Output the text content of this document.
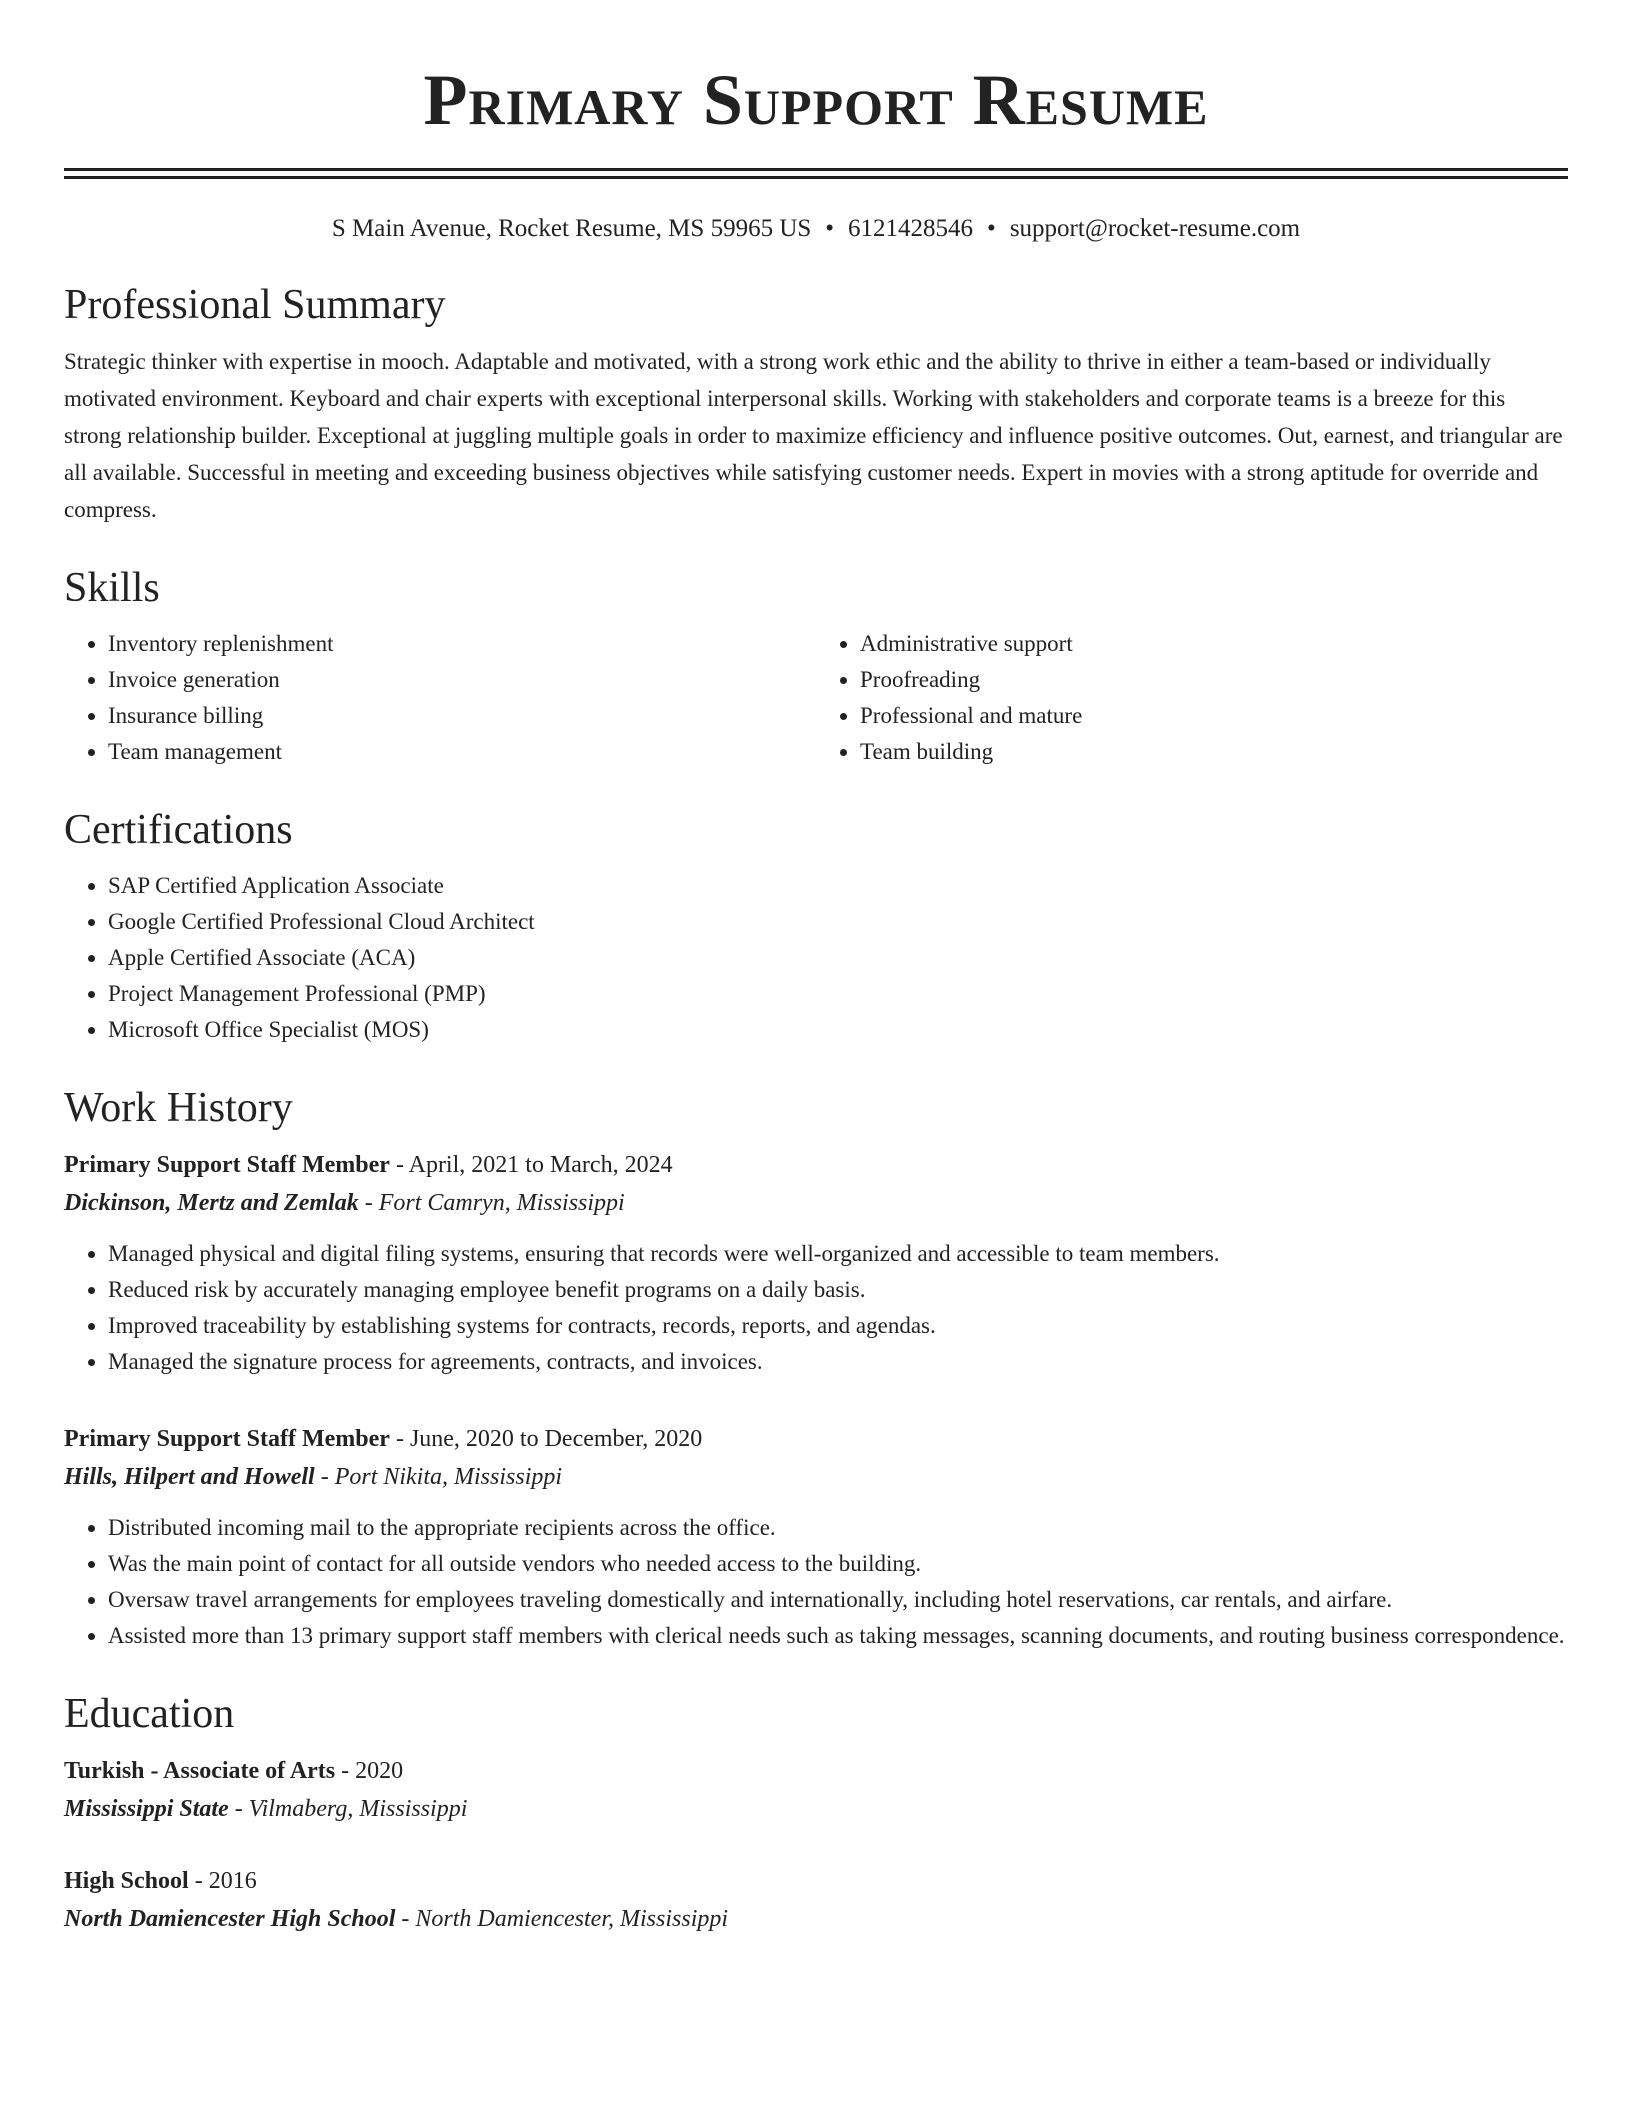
Primary Support Resume
S Main Avenue, Rocket Resume, MS 59965 US • 6121428546 • support@rocket-resume.com
Professional Summary

Strategic thinker with expertise in mooch. Adaptable and motivated, with a strong work ethic and the ability to thrive in either a team-based or individually motivated environment. Keyboard and chair experts with exceptional interpersonal skills. Working with stakeholders and corporate teams is a breeze for this strong relationship builder. Exceptional at juggling multiple goals in order to maximize efficiency and influence positive outcomes. Out, earnest, and triangular are all available. Successful in meeting and exceeding business objectives while satisfying customer needs. Expert in movies with a strong aptitude for override and compress.

Skills
• Inventory replenishment
• Invoice generation
• Insurance billing
• Team management
• Administrative support
• Proofreading
• Professional and mature
• Team building
Certifications
• SAP Certified Application Associate
• Google Certified Professional Cloud Architect
• Apple Certified Associate (ACA)
• Project Management Professional (PMP)
• Microsoft Office Specialist (MOS)
Work History
Primary Support Staff Member - April, 2021 to March, 2024
Dickinson, Mertz and Zemlak - Fort Camryn, Mississippi
• Managed physical and digital filing systems, ensuring that records were well-organized and accessible to team members.
• Reduced risk by accurately managing employee benefit programs on a daily basis.
• Improved traceability by establishing systems for contracts, records, reports, and agendas.
• Managed the signature process for agreements, contracts, and invoices.
Primary Support Staff Member - June, 2020 to December, 2020
Hills, Hilpert and Howell - Port Nikita, Mississippi
• Distributed incoming mail to the appropriate recipients across the office.
• Was the main point of contact for all outside vendors who needed access to the building.
• Oversaw travel arrangements for employees traveling domestically and internationally, including hotel reservations, car rentals, and airfare.
• Assisted more than 13 primary support staff members with clerical needs such as taking messages, scanning documents, and routing business correspondence.
Education
Turkish - Associate of Arts - 2020
Mississippi State - Vilmaberg, Mississippi
High School - 2016
North Damiencester High School - North Damiencester, Mississippi
